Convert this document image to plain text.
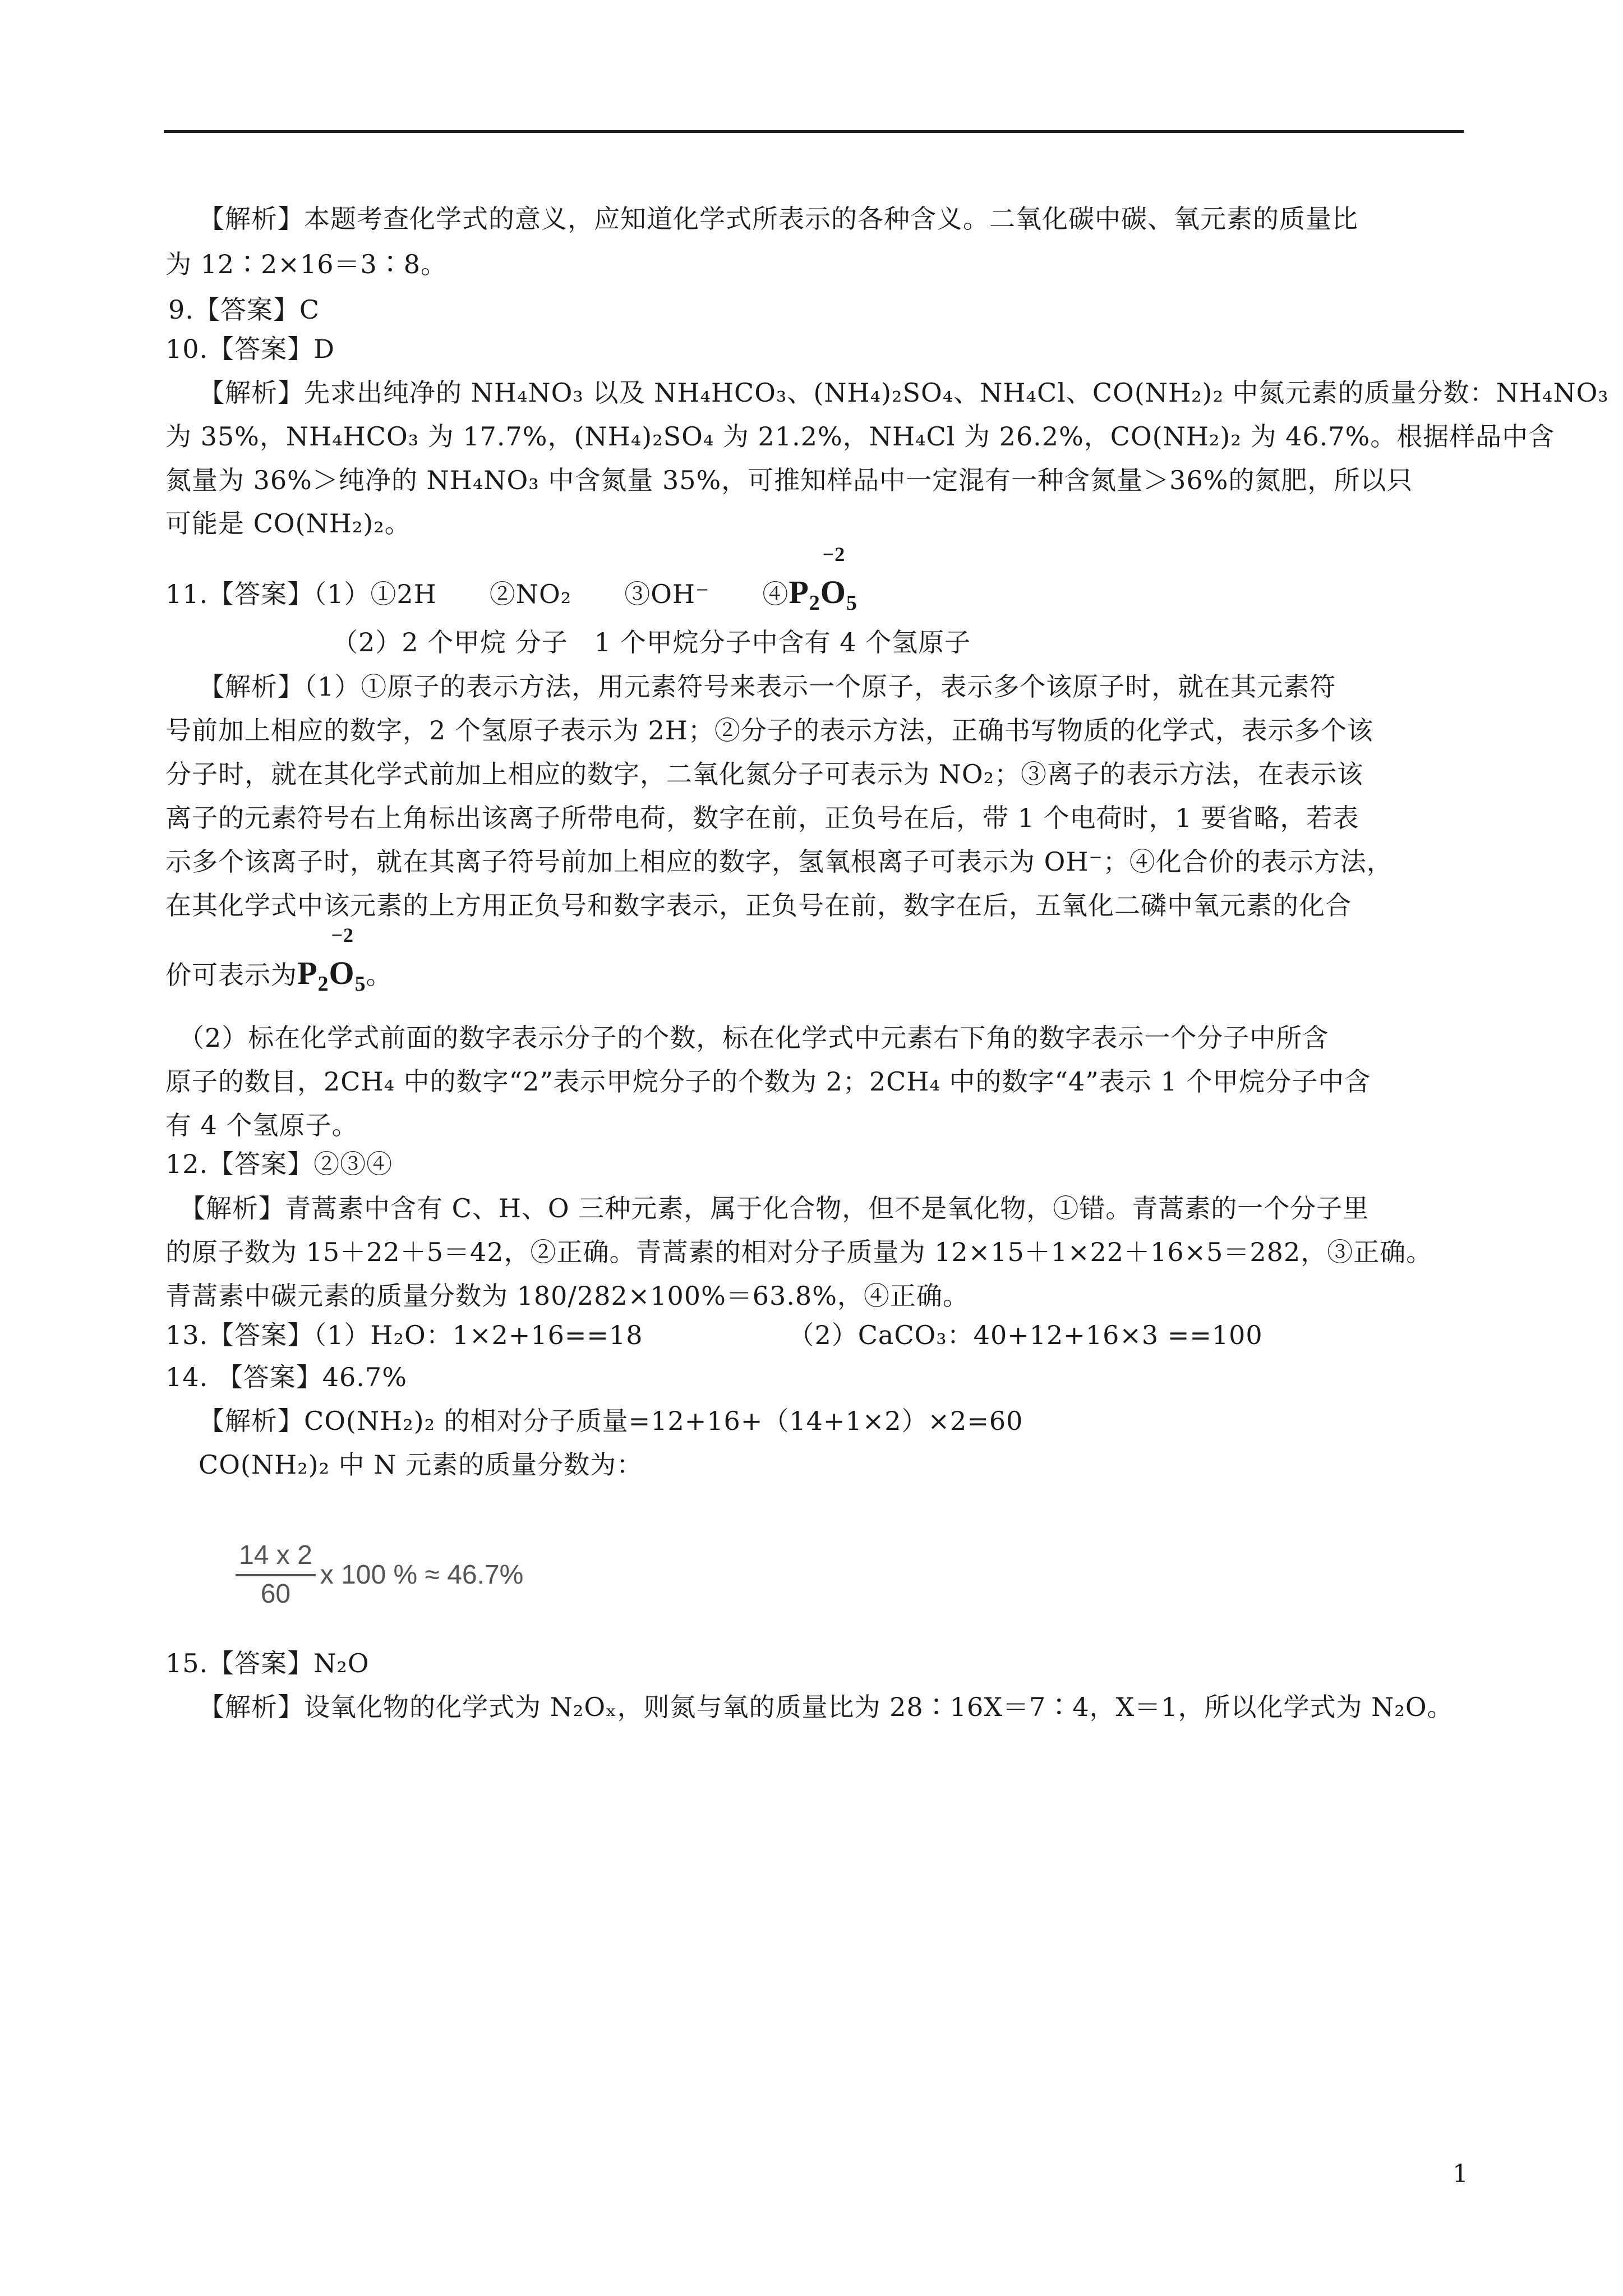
【解析】本题考查化学式的意义，应知道化学式所表示的各种含义。二氧化碳中碳、氧元素的质量比
为 12∶2×16＝3∶8。
9.【答案】C
10.【答案】D
【解析】先求出纯净的 NH₄NO₃ 以及 NH₄HCO₃、(NH₄)₂SO₄、NH₄Cl、CO(NH₂)₂ 中氮元素的质量分数：NH₄NO₃
为 35%，NH₄HCO₃ 为 17.7%，(NH₄)₂SO₄ 为 21.2%，NH₄Cl 为 26.2%，CO(NH₂)₂ 为 46.7%。根据样品中含
氮量为 36%＞纯净的 NH₄NO₃ 中含氮量 35%，可推知样品中一定混有一种含氮量＞36%的氮肥，所以只
可能是 CO(NH₂)₂。
11.【答案】（1）①2H　　②NO₂　　③OH⁻　　$④P_2$
−2
$O_5$
（2）2 个甲烷 分子　1 个甲烷分子中含有 4 个氢原子
【解析】（1）①原子的表示方法，用元素符号来表示一个原子，表示多个该原子时，就在其元素符
号前加上相应的数字，2 个氢原子表示为 2H；②分子的表示方法，正确书写物质的化学式，表示多个该
分子时，就在其化学式前加上相应的数字，二氧化氮分子可表示为 NO₂；③离子的表示方法，在表示该
离子的元素符号右上角标出该离子所带电荷，数字在前，正负号在后，带 1 个电荷时，1 要省略，若表
示多个该离子时，就在其离子符号前加上相应的数字，氢氧根离子可表示为 OH⁻；④化合价的表示方法，
在其化学式中该元素的上方用正负号和数字表示，正负号在前，数字在后，五氧化二磷中氧元素的化合
价可表示为$P_2$
−2
$O_5$。
（2）标在化学式前面的数字表示分子的个数，标在化学式中元素右下角的数字表示一个分子中所含
原子的数目，2CH₄ 中的数字“2”表示甲烷分子的个数为 2；2CH₄ 中的数字“4”表示 1 个甲烷分子中含
有 4 个氢原子。
12.【答案】②③④
【解析】青蒿素中含有 C、H、O 三种元素，属于化合物，但不是氧化物，①错。青蒿素的一个分子里
的原子数为 15＋22＋5＝42，②正确。青蒿素的相对分子质量为 12×15＋1×22＋16×5＝282，③正确。
青蒿素中碳元素的质量分数为 180/282×100%＝63.8%，④正确。
13.【答案】（1）H₂O：1×2+16==18　　　　　　（2）CaCO₃：40+12+16×3 ==100
14. 【答案】46.7%
【解析】CO(NH₂)₂ 的相对分子质量=12+16+（14+1×2）×2=60
CO(NH₂)₂ 中 N 元素的质量分数为：
$\frac{14 x 2}{60}$ x 100 % ≈ 46.7%
15.【答案】N₂O
【解析】设氧化物的化学式为 N₂Oₓ，则氮与氧的质量比为 28∶16X＝7∶4，X＝1，所以化学式为 N₂O。
1
